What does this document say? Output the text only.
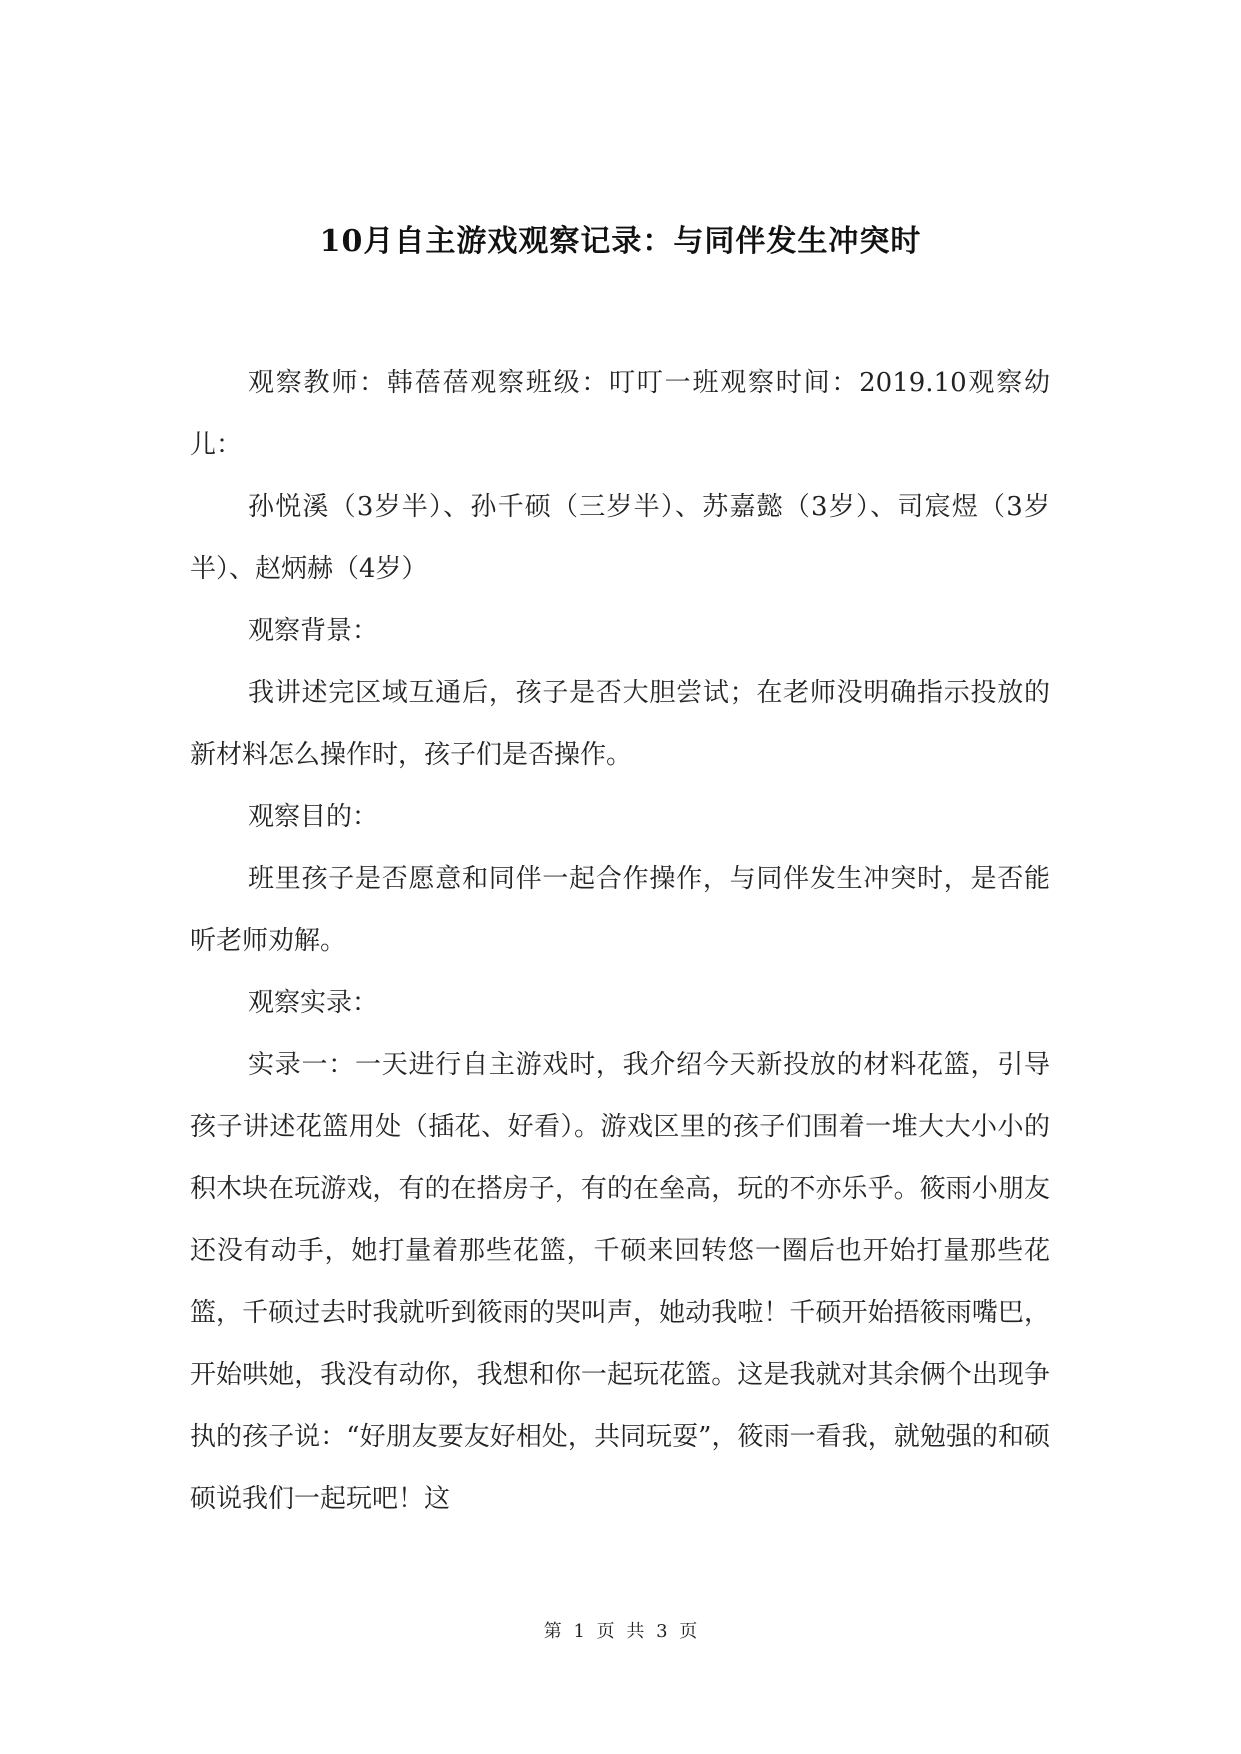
10月自主游戏观察记录：与同伴发生冲突时

观察教师：韩蓓蓓观察班级：叮叮一班观察时间：2019.10观察幼儿：

孙悦溪（3岁半）、孙千硕（三岁半）、苏嘉懿（3岁）、司宸煜（3岁半）、赵炳赫（4岁）

观察背景：

我讲述完区域互通后，孩子是否大胆尝试；在老师没明确指示投放的新材料怎么操作时，孩子们是否操作。

观察目的：

班里孩子是否愿意和同伴一起合作操作，与同伴发生冲突时，是否能听老师劝解。

观察实录：

实录一：一天进行自主游戏时，我介绍今天新投放的材料花篮，引导孩子讲述花篮用处（插花、好看）。游戏区里的孩子们围着一堆大大小小的积木块在玩游戏，有的在搭房子，有的在垒高，玩的不亦乐乎。筱雨小朋友还没有动手，她打量着那些花篮，千硕来回转悠一圈后也开始打量那些花篮，千硕过去时我就听到筱雨的哭叫声，她动我啦！千硕开始捂筱雨嘴巴，开始哄她，我没有动你，我想和你一起玩花篮。这是我就对其余俩个出现争执的孩子说：“好朋友要友好相处，共同玩耍”，筱雨一看我，就勉强的和硕硕说我们一起玩吧！这

第 1 页 共 3 页
